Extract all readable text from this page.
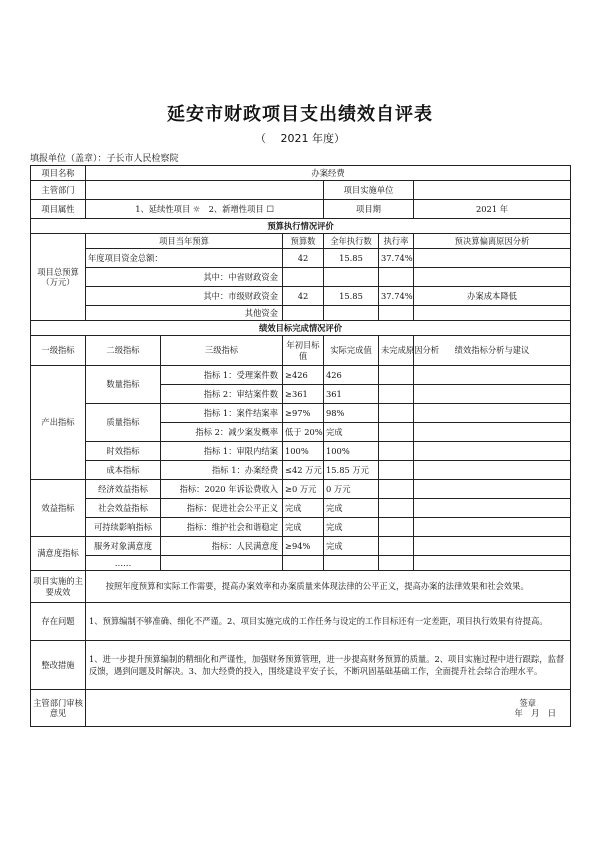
延安市财政项目支出绩效自评表
（　 2021 年度）
填报单位（盖章）：子长市人民检察院
项目名称	办案经费					
主管部门				项目实施单位		
项目属性	1、延续性项目 ☼　2、新增性项目 ☐			项目期		2021 年
预算执行情况评价						
项目总预算
（万元）	项目当年预算		预算数	全年执行数	执行率	预决算偏离原因分析
	年度项目资金总额：		42	15.85	37.74%	
	其中：中省财政资金					
	其中：市级财政资金		42	15.85	37.74%	办案成本降低
	其他资金					
绩效目标完成情况评价						
一级指标	二级指标	三级指标	年初目标值	实际完成值	未完成原因分析	绩效指标分析与建议
产出指标	数量指标	指标 1：受理案件数	≥426	426		
		指标 2：审结案件数	≥361	361		
	质量指标	指标 1：案件结案率	≥97%	98%		
		指标 2：减少案发概率	低于 20%	完成		
	时效指标	指标 1：审限内结案	100%	100%		
	成本指标	指标 1：办案经费	≤42 万元	15.85 万元		
效益指标	经济效益指标	指标：2020 年诉讼费收入	≥0 万元	0 万元		
	社会效益指标	指标：促进社会公平正义	完成	完成		
	可持续影响指标	指标：维护社会和谐稳定	完成	完成		
满意度指标	服务对象满意度	指标：人民满意度	≥94%	完成		
	……					
项目实施的主要成效	按照年度预算和实际工作需要，提高办案效率和办案质量来体现法律的公平正义，提高办案的法律效果和社会效果。					
存在问题	1、预算编制不够准确、细化不严谨。2、项目实施完成的工作任务与设定的工作目标还有一定差距，项目执行效果有待提高。					
整改措施	1、进一步提升预算编制的精细化和严谨性，加强财务预算管理，进一步提高财务预算的质量。2、项目实施过程中进行跟踪，监督反馈，遇到问题及时解决。3、加大经费的投入，围绕建设平安子长，不断巩固基础基础工作，全面提升社会综合治理水平。					
主管部门审核意见	签章
年　月　日					
